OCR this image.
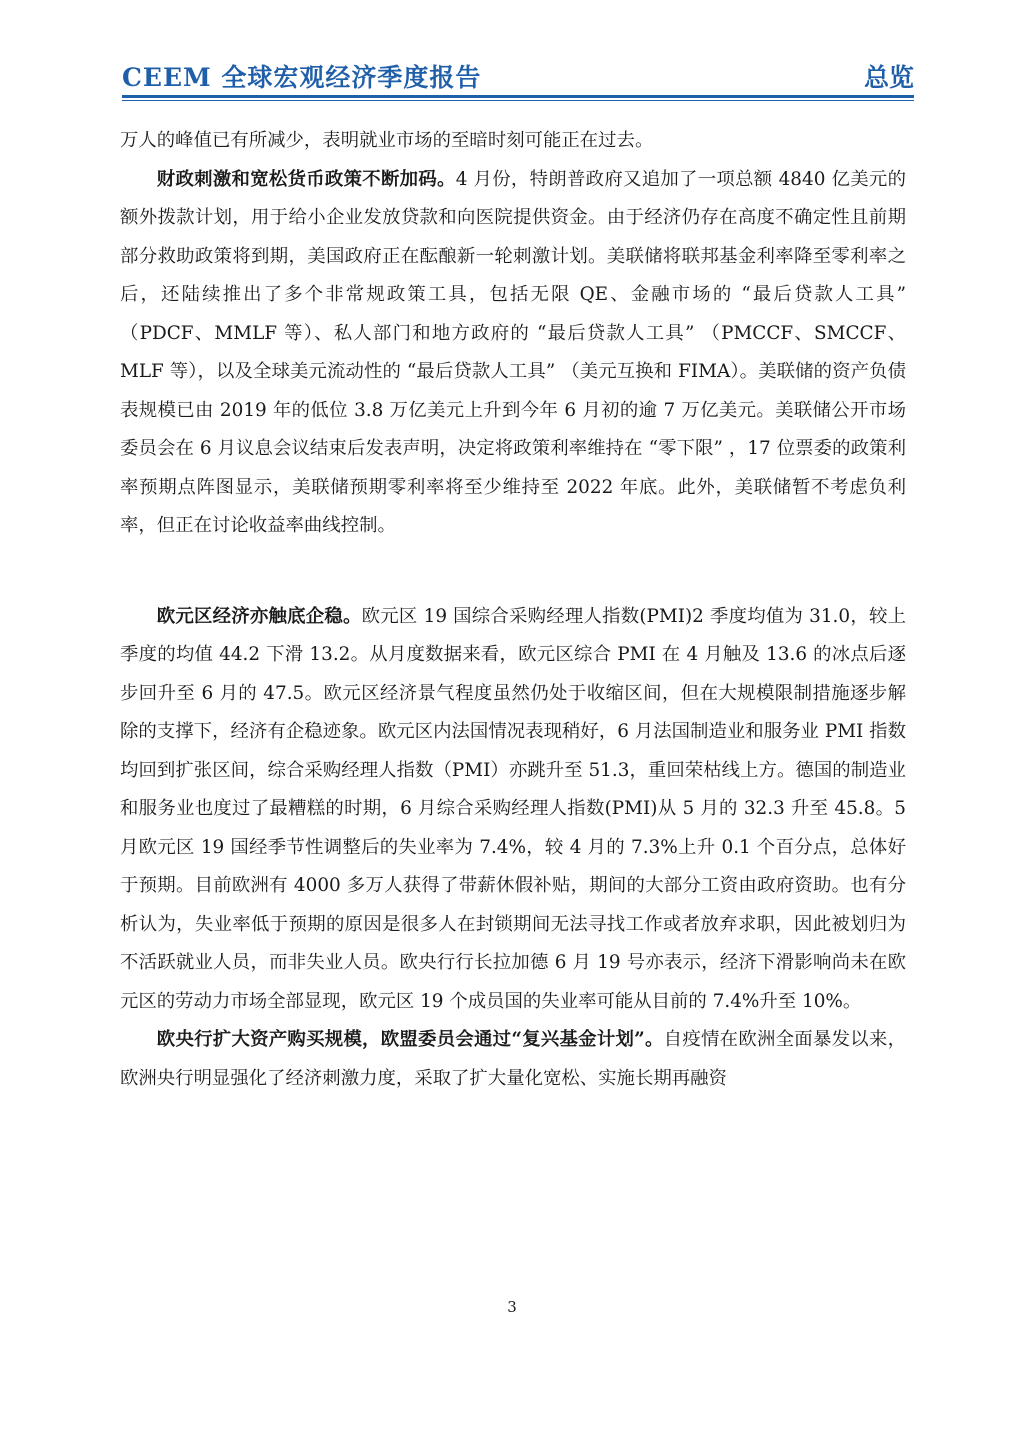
CEEM 全球宏观经济季度报告	总览

万人的峰值已有所减少，表明就业市场的至暗时刻可能正在过去。

财政刺激和宽松货币政策不断加码。4 月份，特朗普政府又追加了一项总额 4840 亿美元的额外拨款计划，用于给小企业发放贷款和向医院提供资金。由于经济仍存在高度不确定性且前期部分救助政策将到期，美国政府正在酝酿新一轮刺激计划。美联储将联邦基金利率降至零利率之后，还陆续推出了多个非常规政策工具，包括无限 QE、金融市场的 “最后贷款人工具” （PDCF、MMLF 等）、私人部门和地方政府的 “最后贷款人工具” （PMCCF、SMCCF、MLF 等），以及全球美元流动性的 “最后贷款人工具” （美元互换和 FIMA）。美联储的资产负债表规模已由 2019 年的低位 3.8 万亿美元上升到今年 6 月初的逾 7 万亿美元。美联储公开市场委员会在 6 月议息会议结束后发表声明，决定将政策利率维持在 “零下限” ，17 位票委的政策利率预期点阵图显示，美联储预期零利率将至少维持至 2022 年底。此外，美联储暂不考虑负利率，但正在讨论收益率曲线控制。

欧元区经济亦触底企稳。欧元区 19 国综合采购经理人指数(PMI)2 季度均值为 31.0，较上季度的均值 44.2 下滑 13.2。从月度数据来看，欧元区综合 PMI 在 4 月触及 13.6 的冰点后逐步回升至 6 月的 47.5。欧元区经济景气程度虽然仍处于收缩区间，但在大规模限制措施逐步解除的支撑下，经济有企稳迹象。欧元区内法国情况表现稍好，6 月法国制造业和服务业 PMI 指数均回到扩张区间，综合采购经理人指数（PMI）亦跳升至 51.3，重回荣枯线上方。德国的制造业和服务业也度过了最糟糕的时期，6 月综合采购经理人指数(PMI)从 5 月的 32.3 升至 45.8。5 月欧元区 19 国经季节性调整后的失业率为 7.4%，较 4 月的 7.3%上升 0.1 个百分点，总体好于预期。目前欧洲有 4000 多万人获得了带薪休假补贴，期间的大部分工资由政府资助。也有分析认为，失业率低于预期的原因是很多人在封锁期间无法寻找工作或者放弃求职，因此被划归为不活跃就业人员，而非失业人员。欧央行行长拉加德 6 月 19 号亦表示，经济下滑影响尚未在欧元区的劳动力市场全部显现，欧元区 19 个成员国的失业率可能从目前的 7.4%升至 10%。

欧央行扩大资产购买规模，欧盟委员会通过“复兴基金计划”。自疫情在欧洲全面暴发以来，欧洲央行明显强化了经济刺激力度，采取了扩大量化宽松、实施长期再融资

3
